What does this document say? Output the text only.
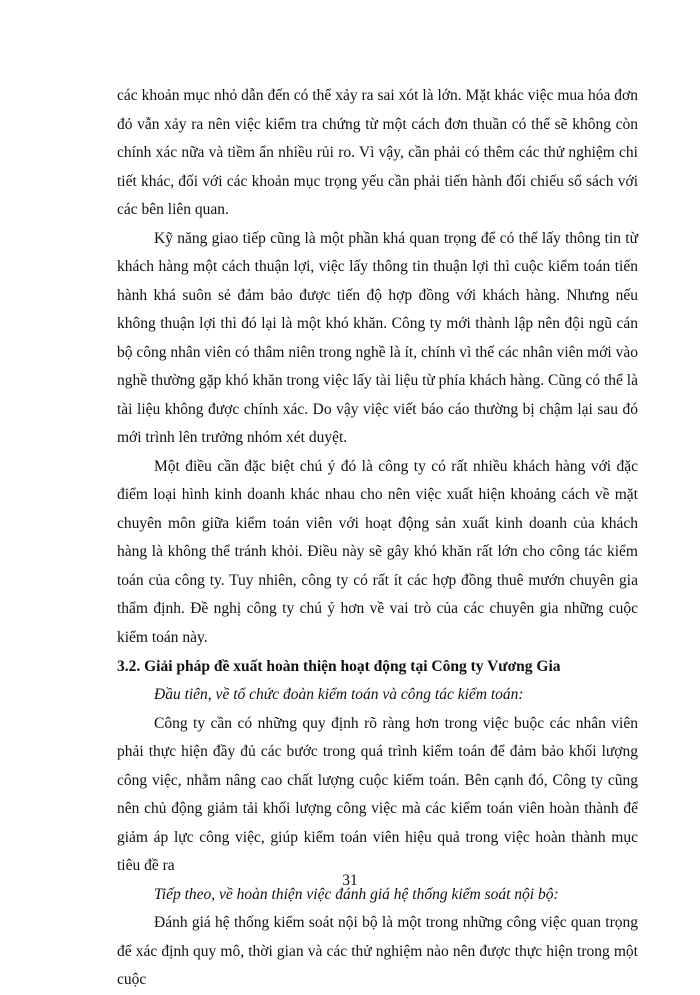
các khoản mục nhỏ dẫn đến có thể xảy ra sai xót là lớn. Mặt khác việc mua hóa đơn đỏ vẫn xảy ra nên việc kiểm tra chứng từ một cách đơn thuần có thể sẽ không còn chính xác nữa và tiềm ẩn nhiều rủi ro. Vì vậy, cần phải có thêm các thử nghiệm chi tiết khác, đối với các khoản mục trọng yếu cần phải tiến hành đối chiếu sổ sách với các bên liên quan.

Kỹ năng giao tiếp cũng là một phần khá quan trọng để có thể lấy thông tin từ khách hàng một cách thuận lợi, việc lấy thông tin thuận lợi thì cuộc kiểm toán tiến hành khá suôn sẻ đảm bảo được tiến độ hợp đồng với khách hàng. Nhưng nếu không thuận lợi thì đó lại là một khó khăn. Công ty mới thành lập nên đội ngũ cán bộ công nhân viên có thâm niên trong nghề là ít, chính vì thế các nhân viên mới vào nghề thường gặp khó khăn trong việc lấy tài liệu từ phía khách hàng. Cũng có thể là tài liệu không được chính xác. Do vậy việc viết báo cáo thường bị chậm lại sau đó mới trình lên trưởng nhóm xét duyệt.

Một điều cần đặc biệt chú ý đó là công ty có rất nhiều khách hàng với đặc điểm loại hình kinh doanh khác nhau cho nên việc xuất hiện khoảng cách về mặt chuyên môn giữa kiểm toán viên với hoạt động sản xuất kinh doanh của khách hàng là không thể tránh khỏi. Điều này sẽ gây khó khăn rất lớn cho công tác kiểm toán của công ty. Tuy nhiên, công ty có rất ít các hợp đồng thuê mướn chuyên gia thẩm định. Đề nghị công ty chú ý hơn về vai trò của các chuyên gia những cuộc kiểm toán này.

3.2. Giải pháp đề xuất hoàn thiện hoạt động tại Công ty Vương Gia

Đầu tiên, về tổ chức đoàn kiểm toán và công tác kiểm toán:

Công ty cần có những quy định rõ ràng hơn trong việc buộc các nhân viên phải thực hiện đầy đủ các bước trong quá trình kiểm toán để đảm bảo khối lượng công việc, nhằm nâng cao chất lượng cuộc kiểm toán. Bên cạnh đó, Công ty cũng nên chủ động giảm tải khối lượng công việc mà các kiểm toán viên hoàn thành để giảm áp lực công việc, giúp kiểm toán viên hiệu quả trong việc hoàn thành mục tiêu đề ra

Tiếp theo, về hoàn thiện việc đánh giá hệ thống kiểm soát nội bộ:

Đánh giá hệ thống kiểm soát nội bộ là một trong những công việc quan trọng để xác định quy mô, thời gian và các thử nghiệm nào nên được thực hiện trong một cuộc

31
